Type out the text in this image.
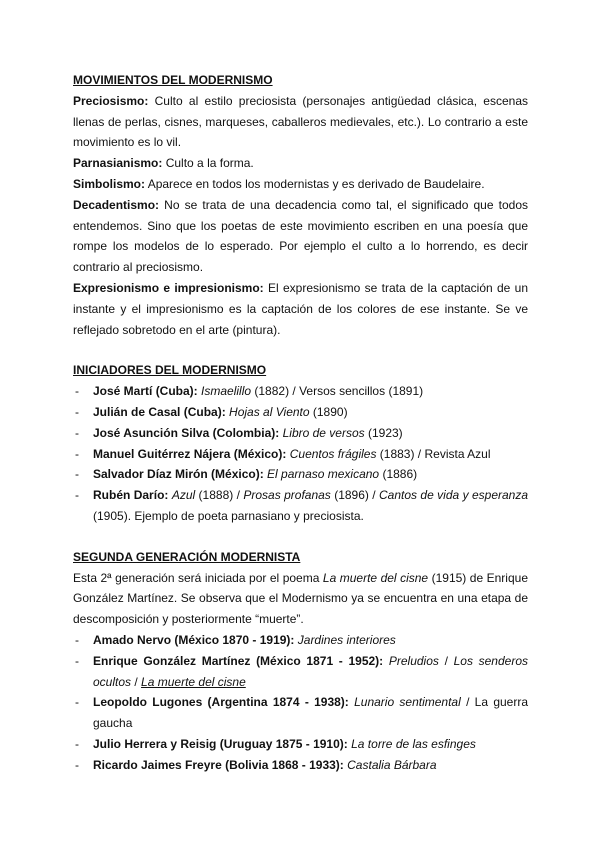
MOVIMIENTOS DEL MODERNISMO
Preciosismo: Culto al estilo preciosista (personajes antigüedad clásica, escenas llenas de perlas, cisnes, marqueses, caballeros medievales, etc.). Lo contrario a este movimiento es lo vil.
Parnasianismo: Culto a la forma.
Simbolismo: Aparece en todos los modernistas y es derivado de Baudelaire.
Decadentismo: No se trata de una decadencia como tal, el significado que todos entendemos. Sino que los poetas de este movimiento escriben en una poesía que rompe los modelos de lo esperado. Por ejemplo el culto a lo horrendo, es decir contrario al preciosismo.
Expresionismo e impresionismo: El expresionismo se trata de la captación de un instante y el impresionismo es la captación de los colores de ese instante. Se ve reflejado sobretodo en el arte (pintura).
INICIADORES DEL MODERNISMO
- José Martí (Cuba): Ismaelillo (1882) / Versos sencillos (1891)
- Julián de Casal (Cuba): Hojas al Viento (1890)
- José Asunción Silva (Colombia): Libro de versos (1923)
- Manuel Guitérrez Nájera (México): Cuentos frágiles (1883) / Revista Azul
- Salvador Díaz Mirón (México): El parnaso mexicano (1886)
- Rubén Darío: Azul (1888) / Prosas profanas (1896) / Cantos de vida y esperanza (1905). Ejemplo de poeta parnasiano y preciosista.
SEGUNDA GENERACIÓN MODERNISTA
Esta 2ª generación será iniciada por el poema La muerte del cisne (1915) de Enrique González Martínez. Se observa que el Modernismo ya se encuentra en una etapa de descomposición y posteriormente “muerte”.
- Amado Nervo (México 1870 - 1919): Jardines interiores
- Enrique González Martínez (México 1871 - 1952): Preludios / Los senderos ocultos / La muerte del cisne
- Leopoldo Lugones (Argentina 1874 - 1938): Lunario sentimental / La guerra gaucha
- Julio Herrera y Reisig (Uruguay 1875 - 1910): La torre de las esfinges
- Ricardo Jaimes Freyre (Bolivia 1868 - 1933): Castalia Bárbara
